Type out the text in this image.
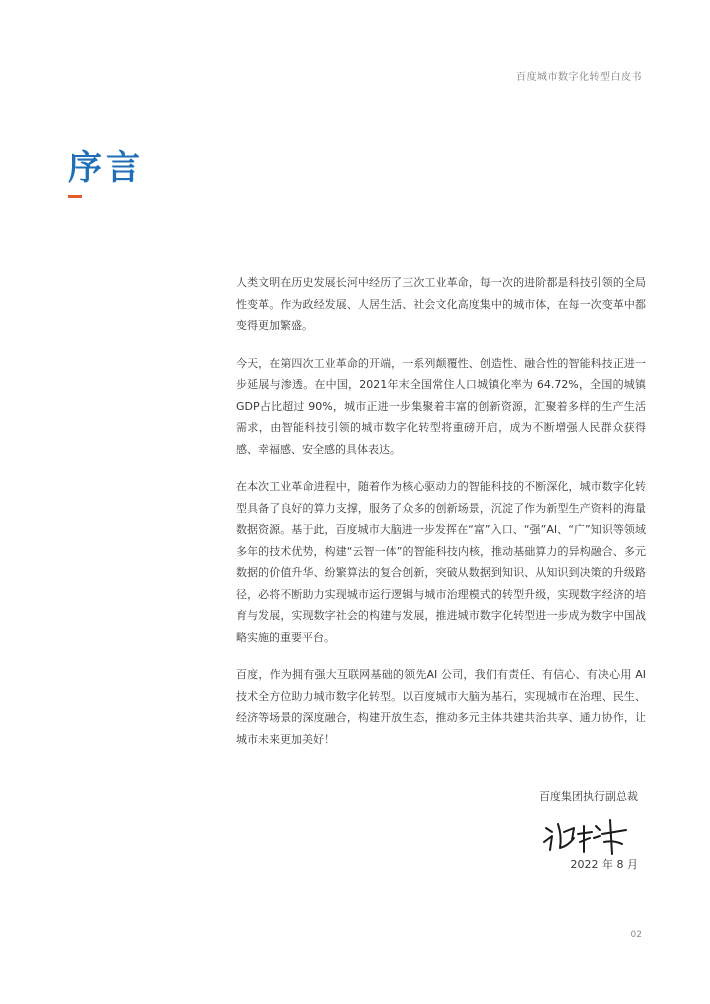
百度城市数字化转型白皮书
序言

人类文明在历史发展长河中经历了三次工业革命，每一次的进阶都是科技引领的全局性变革。作为政经发展、人居生活、社会文化高度集中的城市体，在每一次变革中都变得更加繁盛。

今天，在第四次工业革命的开端，一系列颠覆性、创造性、融合性的智能科技正进一步延展与渗透。在中国，2021年末全国常住人口城镇化率为 64.72%，全国的城镇 GDP占比超过 90%，城市正进一步集聚着丰富的创新资源，汇聚着多样的生产生活需求，由智能科技引领的城市数字化转型将重磅开启，成为不断增强人民群众获得感、幸福感、安全感的具体表达。

在本次工业革命进程中，随着作为核心驱动力的智能科技的不断深化，城市数字化转型具备了良好的算力支撑，服务了众多的创新场景，沉淀了作为新型生产资料的海量数据资源。基于此，百度城市大脑进一步发挥在“富”入口、“强”AI、“广”知识等领域多年的技术优势，构建“云智一体”的智能科技内核，推动基础算力的异构融合、多元数据的价值升华、纷繁算法的复合创新，突破从数据到知识、从知识到决策的升级路径，必将不断助力实现城市运行逻辑与城市治理模式的转型升级，实现数字经济的培育与发展，实现数字社会的构建与发展，推进城市数字化转型进一步成为数字中国战略实施的重要平台。

百度，作为拥有强大互联网基础的领先AI 公司，我们有责任、有信心、有决心用 AI 技术全方位助力城市数字化转型。以百度城市大脑为基石，实现城市在治理、民生、经济等场景的深度融合，构建开放生态，推动多元主体共建共治共享、通力协作，让城市未来更加美好！

百度集团执行副总裁
2022 年 8 月
02
